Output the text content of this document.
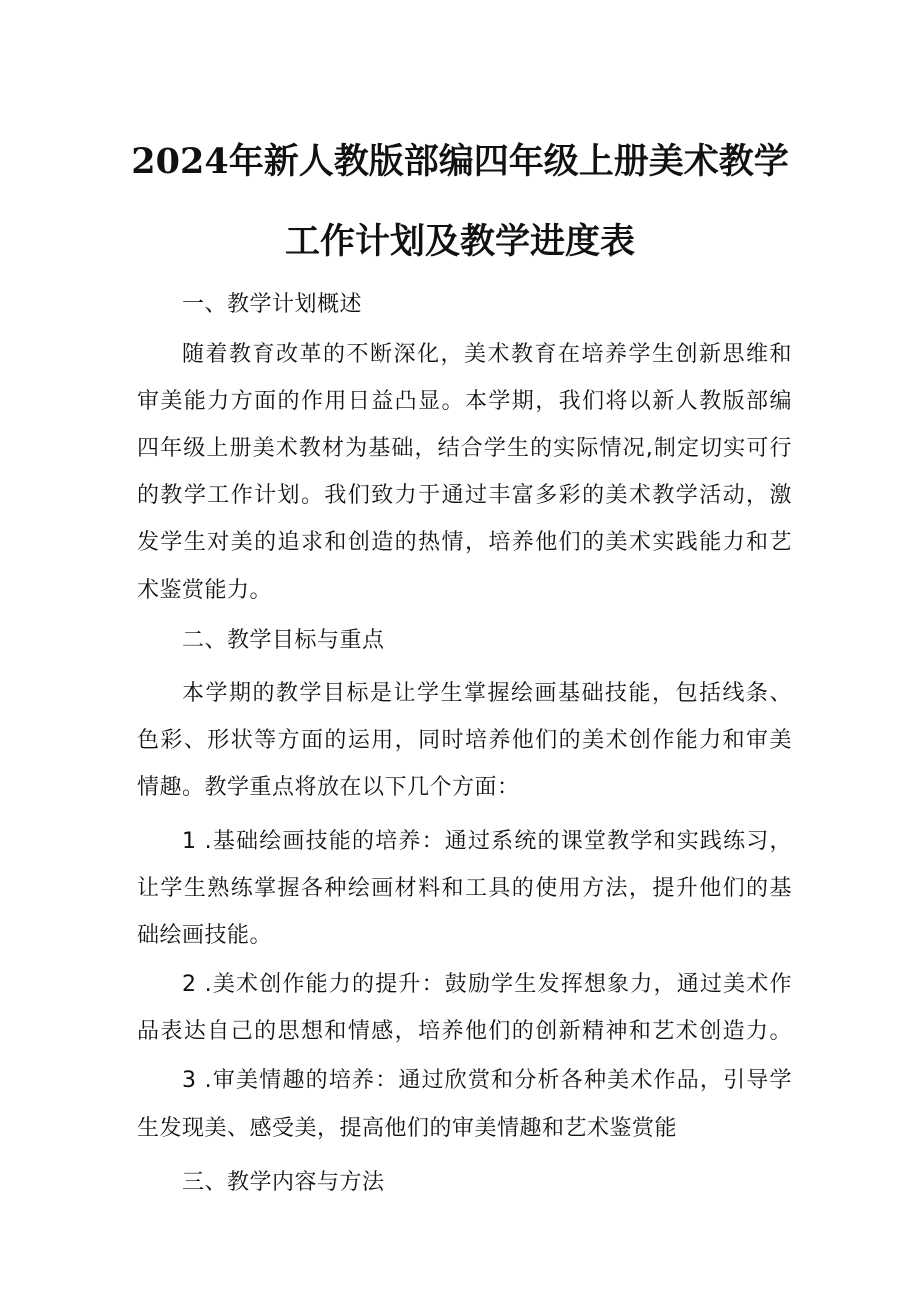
2024年新人教版部编四年级上册美术教学
工作计划及教学进度表
一、教学计划概述
随着教育改革的不断深化，美术教育在培养学生创新思维和
审美能力方面的作用日益凸显。本学期，我们将以新人教版部编
四年级上册美术教材为基础，结合学生的实际情况,制定切实可行
的教学工作计划。我们致力于通过丰富多彩的美术教学活动，激
发学生对美的追求和创造的热情，培养他们的美术实践能力和艺
术鉴赏能力。
二、教学目标与重点
本学期的教学目标是让学生掌握绘画基础技能，包括线条、
色彩、形状等方面的运用，同时培养他们的美术创作能力和审美
情趣。教学重点将放在以下几个方面：
1 .基础绘画技能的培养：通过系统的课堂教学和实践练习，
让学生熟练掌握各种绘画材料和工具的使用方法，提升他们的基
础绘画技能。
2 .美术创作能力的提升：鼓励学生发挥想象力，通过美术作
品表达自己的思想和情感，培养他们的创新精神和艺术创造力。
3 .审美情趣的培养：通过欣赏和分析各种美术作品，引导学
生发现美、感受美，提高他们的审美情趣和艺术鉴赏能
三、教学内容与方法
